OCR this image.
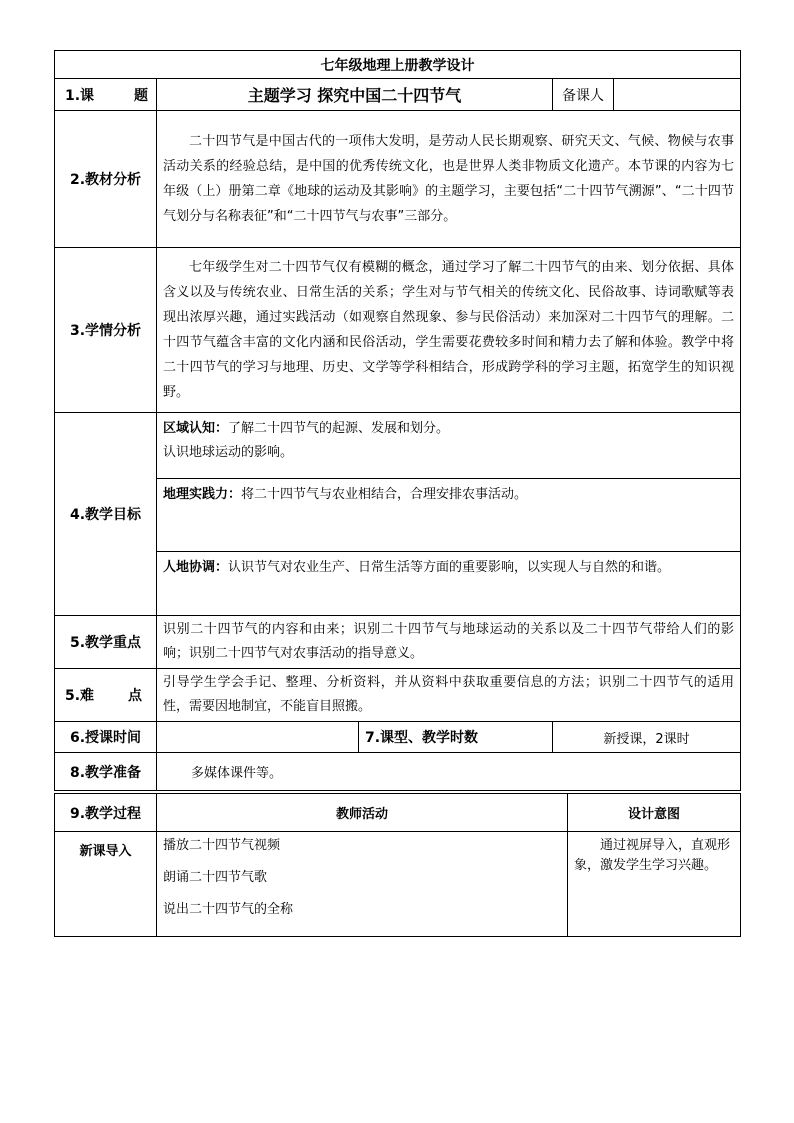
七年级地理上册教学设计				

1.课 题	主题学习 探究中国二十四节气		备课人	
2.教材分析	二十四节气是中国古代的一项伟大发明，是劳动人民长期观察、研究天文、气候、物候与农事活动关系的经验总结，是中国的优秀传统文化，也是世界人类非物质文化遗产。本节课的内容为七年级（上）册第二章《地球的运动及其影响》的主题学习，主要包括“二十四节气溯源”、“二十四节气划分与名称表征”和“二十四节气与农事”三部分。			

3.学情分析	七年级学生对二十四节气仅有模糊的概念，通过学习了解二十四节气的由来、划分依据、具体含义以及与传统农业、日常生活的关系；学生对与节气相关的传统文化、民俗故事、诗词歌赋等表现出浓厚兴趣，通过实践活动（如观察自然现象、参与民俗活动）来加深对二十四节气的理解。二十四节气蕴含丰富的文化内涵和民俗活动，学生需要花费较多时间和精力去了解和体验。教学中将二十四节气的学习与地理、历史、文学等学科相结合，形成跨学科的学习主题，拓宽学生的知识视野。			

4.教学目标	区域认知：了解二十四节气的起源、发展和划分。
认识地球运动的影响。			

	地理实践力：将二十四节气与农业相结合，合理安排农事活动。			

	人地协调：认识节气对农业生产、日常生活等方面的重要影响，以实现人与自然的和谐。			

5.教学重点	识别二十四节气的内容和由来；识别二十四节气与地球运动的关系以及二十四节气带给人们的影响；识别二十四节气对农事活动的指导意义。			

5.难 点	引导学生学会手记、整理、分析资料，并从资料中获取重要信息的方法；识别二十四节气的适用性，需要因地制宜，不能盲目照搬。			

6.授课时间		7.课型、教学时数	新授课，2课时	
8.教学准备	多媒体课件等。			
9.教学过程	教师活动	设计意图
新课导入	播放二十四节气视频
朗诵二十四节气歌
说出二十四节气的全称	通过视屏导入，直观形象，激发学生学习兴趣。
